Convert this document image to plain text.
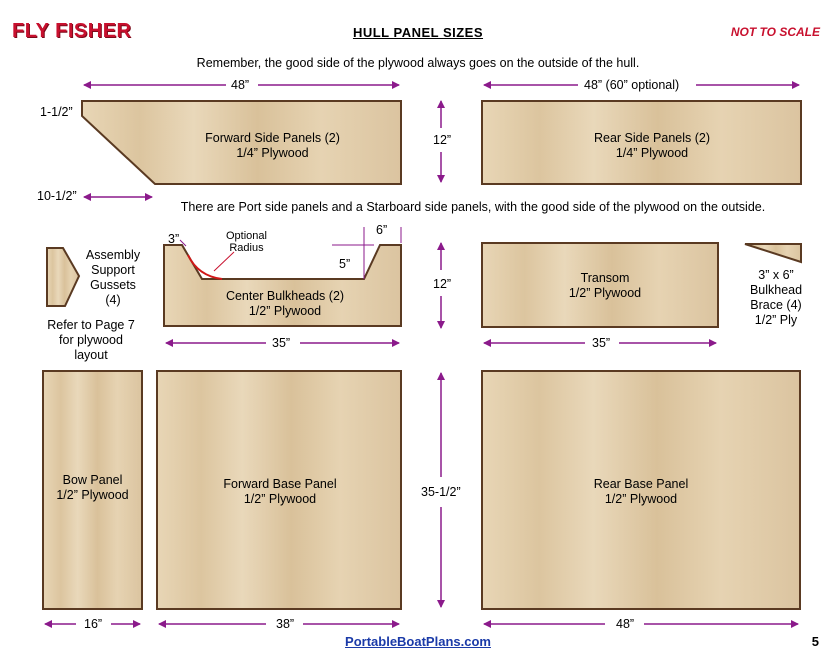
FLY FISHER	HULL PANEL SIZES	NOT TO SCALE
Remember, the good side of the plywood always goes on the outside of the hull.
There are Port side panels and a Starboard side panels, with the good side of the plywood on the outside.
48”	48” (60” optional)
1-1/2”
10-1/2”
12”
3”
6”
5”
12”
35”	35”
35-1/2”
16”	38”	48”
Optional
Radius
Forward Side Panels (2)
1/4” Plywood
Rear Side Panels (2)
1/4” Plywood
Center Bulkheads (2)
1/2” Plywood
Transom
1/2” Plywood
Bow Panel
1/2” Plywood
Forward Base Panel
1/2” Plywood
Rear Base Panel
1/2” Plywood
Assembly
Support
Gussets
(4)
Refer to Page 7
for plywood
layout
3” x 6”
Bulkhead
Brace (4)
1/2” Ply
PortableBoatPlans.com	5
